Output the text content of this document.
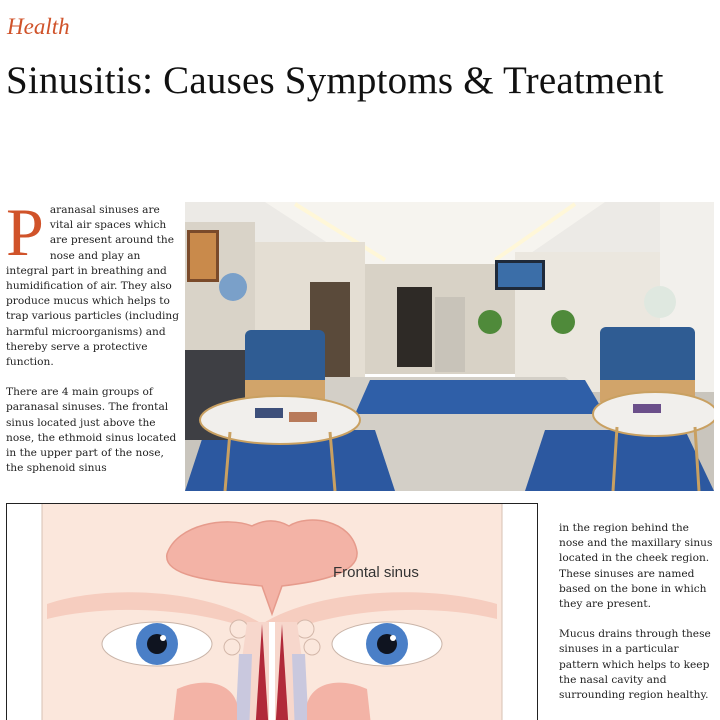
Health
Sinusitis: Causes Symptoms & Treatment

P aranasal sinuses are vital air spaces which are present around the nose and play an integral part in breathing and humidification of air. They also produce mucus which helps to trap various particles (including harmful microorganisms) and thereby serve a protective function.

There are 4 main groups of paranasal sinuses. The frontal sinus located just above the nose, the ethmoid sinus located in the upper part of the nose, the sphenoid sinus

Frontal sinus

in the region behind the nose and the maxillary sinus located in the cheek region. These sinuses are named based on the bone in which they are present.

Mucus drains through these sinuses in a particular pattern which helps to keep the nasal cavity and surrounding region healthy.
